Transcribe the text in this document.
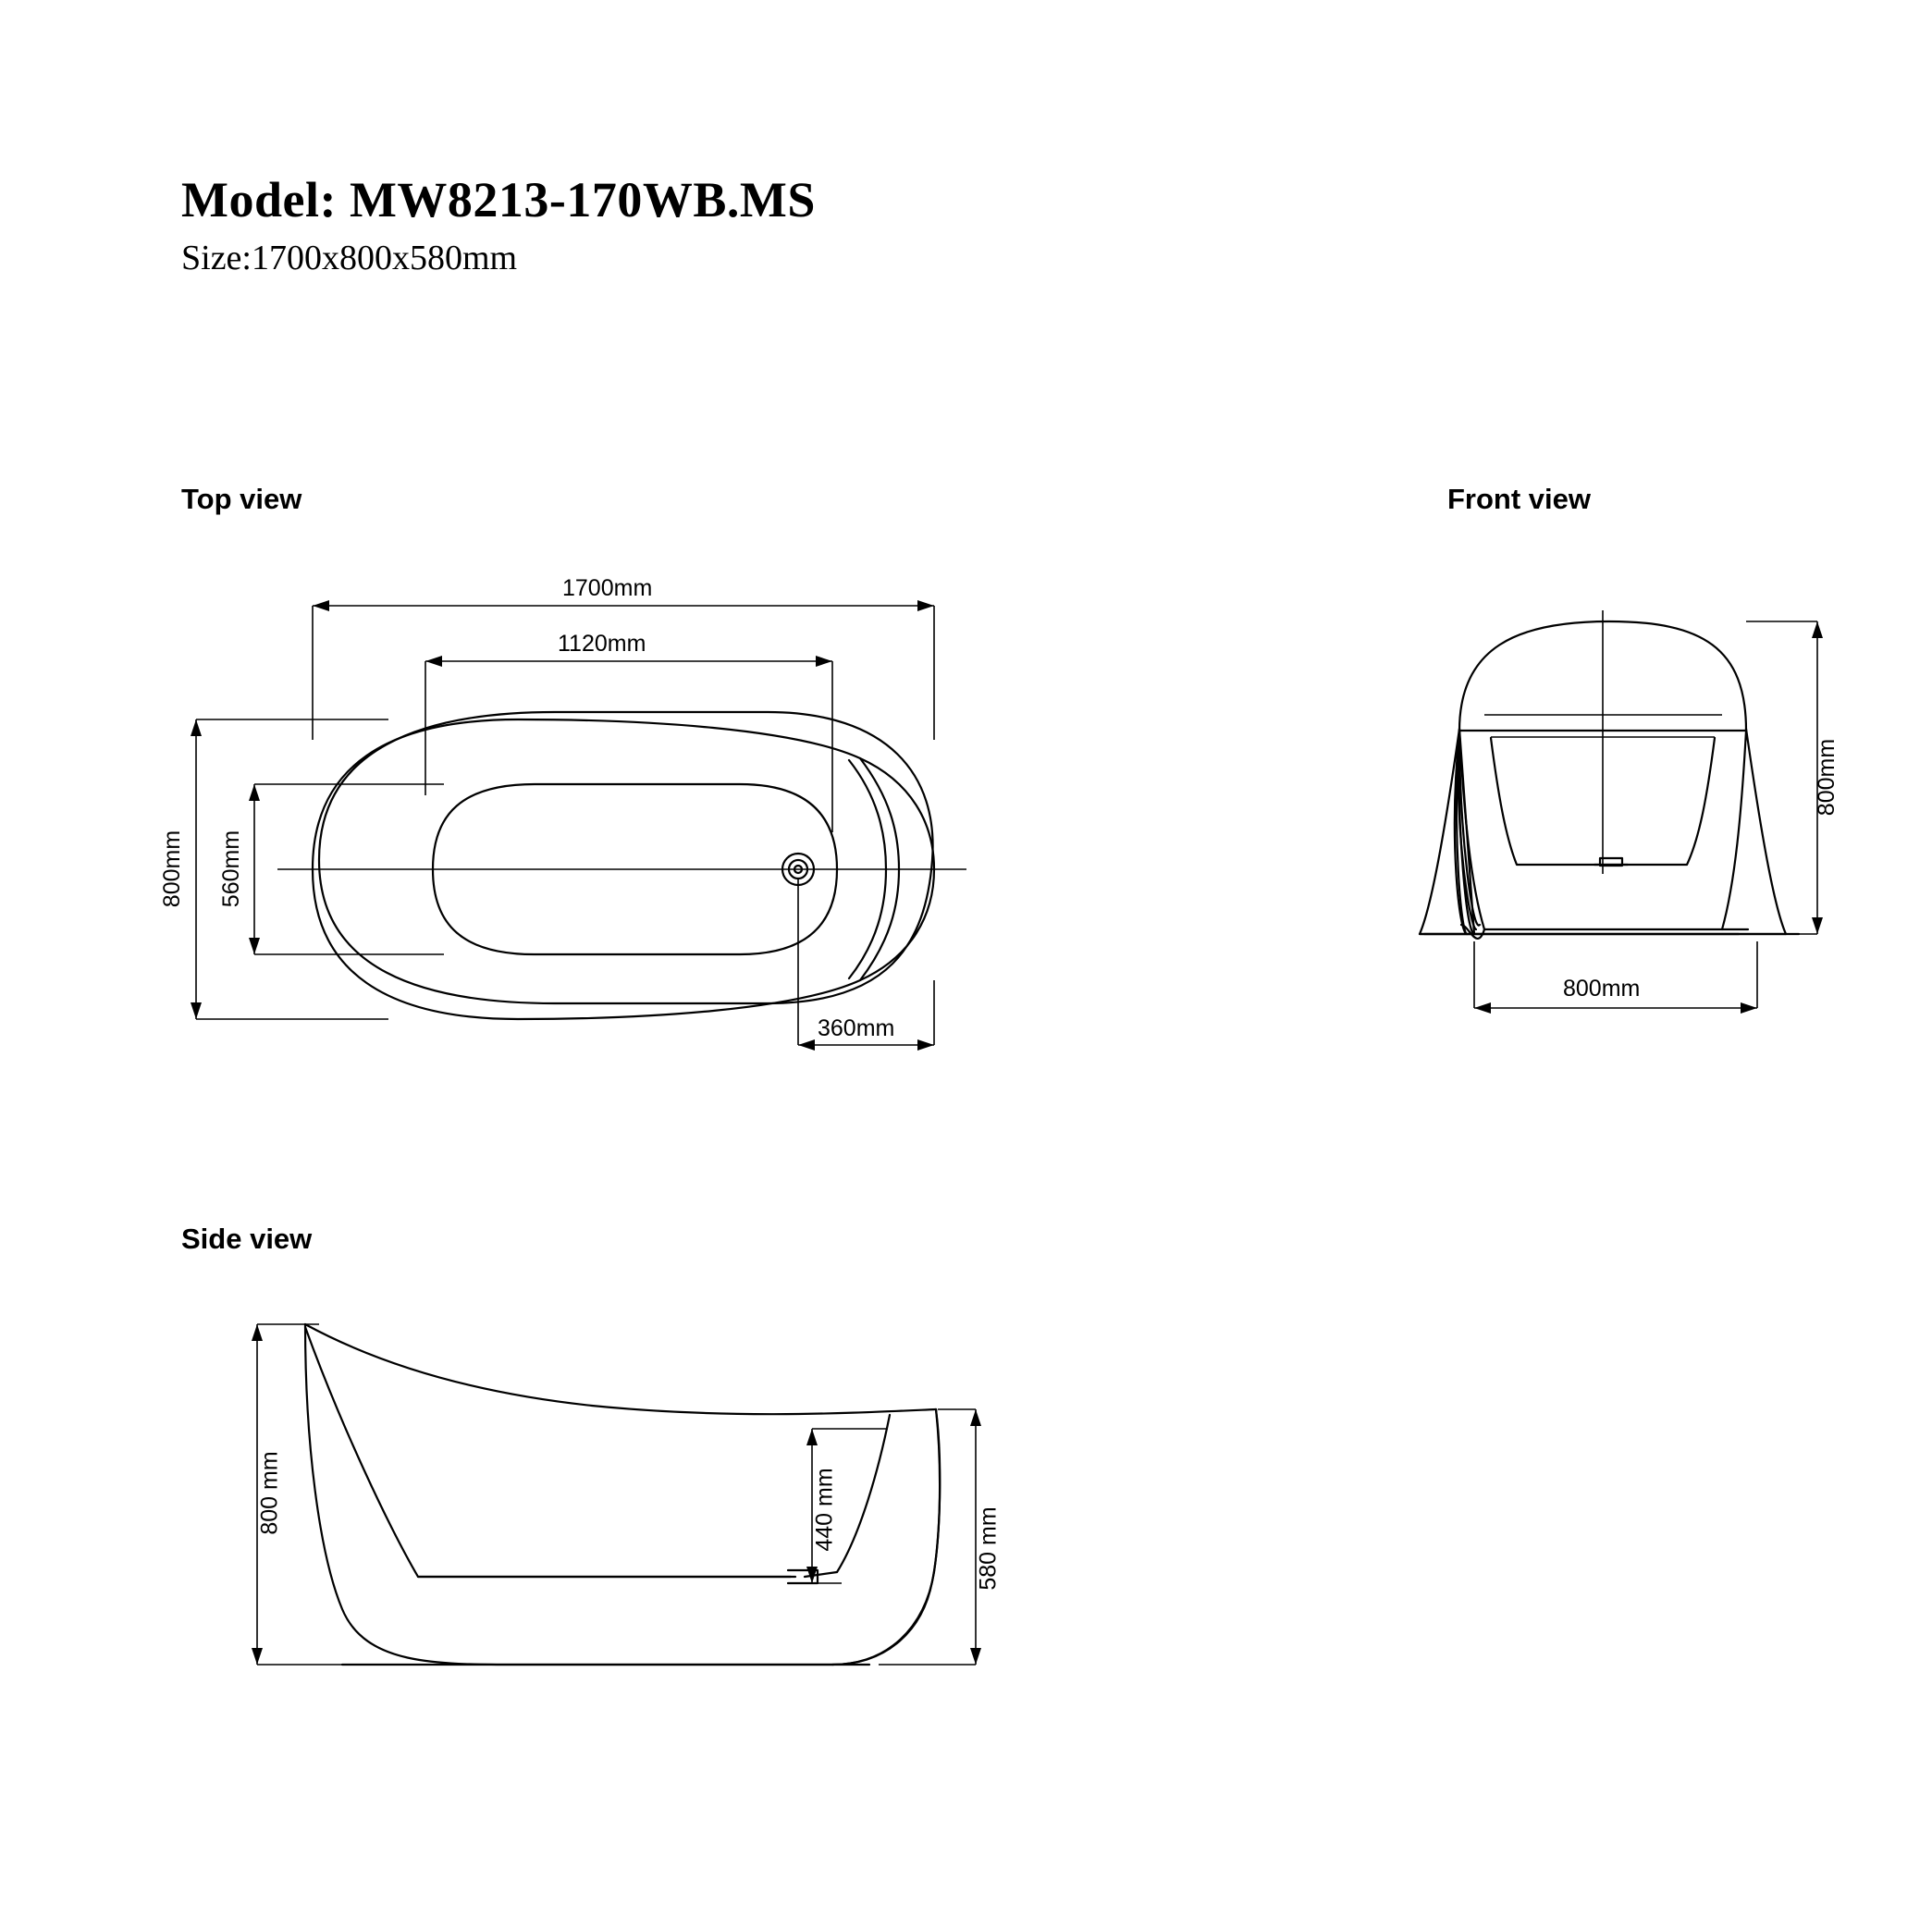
Model: MW8213-170WB.MS
Size:1700x800x580mm
Top view	Front view
Side view
1700mm
1120mm
800mm 560mm
360mm
800mm
800mm
800 mm	440 mm	580 mm
